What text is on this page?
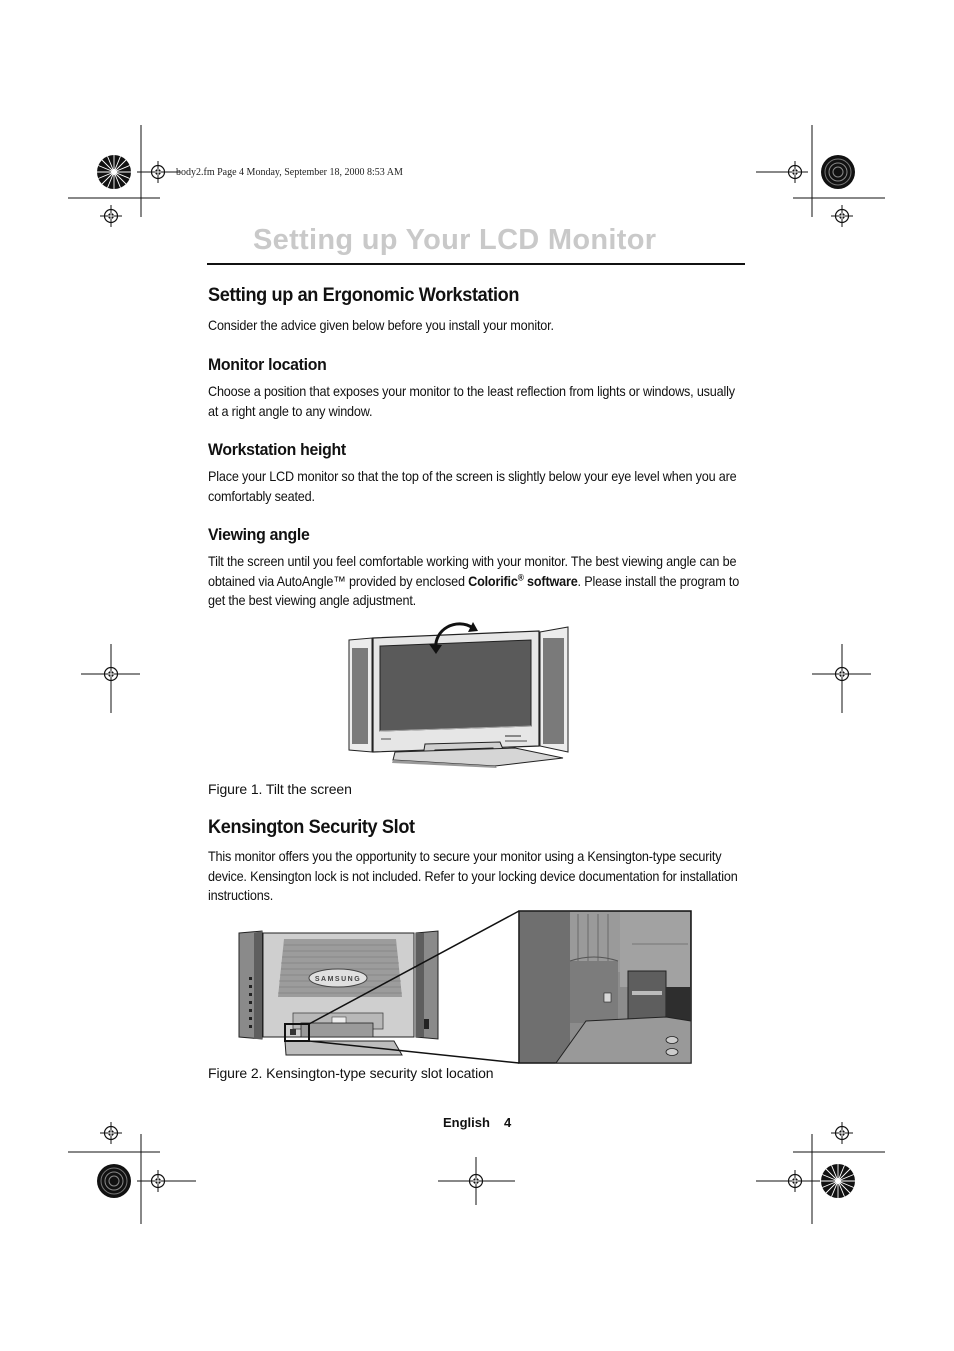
body2.fm Page 4 Monday, September 18, 2000 8:53 AM
Setting up Your LCD Monitor
Setting up an Ergonomic Workstation

Consider the advice given below before you install your monitor.

Monitor location

Choose a position that exposes your monitor to the least reflection from lights or windows, usually at a right angle to any window.

Workstation height

Place your LCD monitor so that the top of the screen is slightly below your eye level when you are comfortably seated.

Viewing angle

Tilt the screen until you feel comfortable working with your monitor. The best viewing angle can be obtained via AutoAngle™ provided by enclosed Colorific® software. Please install the program to get the best viewing angle adjustment.

Figure 1. Tilt the screen

Kensington Security Slot

This monitor offers you the opportunity to secure your monitor using a Kensington-type security device. Kensington lock is not included. Refer to your locking device documentation for installation instructions.

SAMSUNG

Figure 2. Kensington-type security slot location

English 4
